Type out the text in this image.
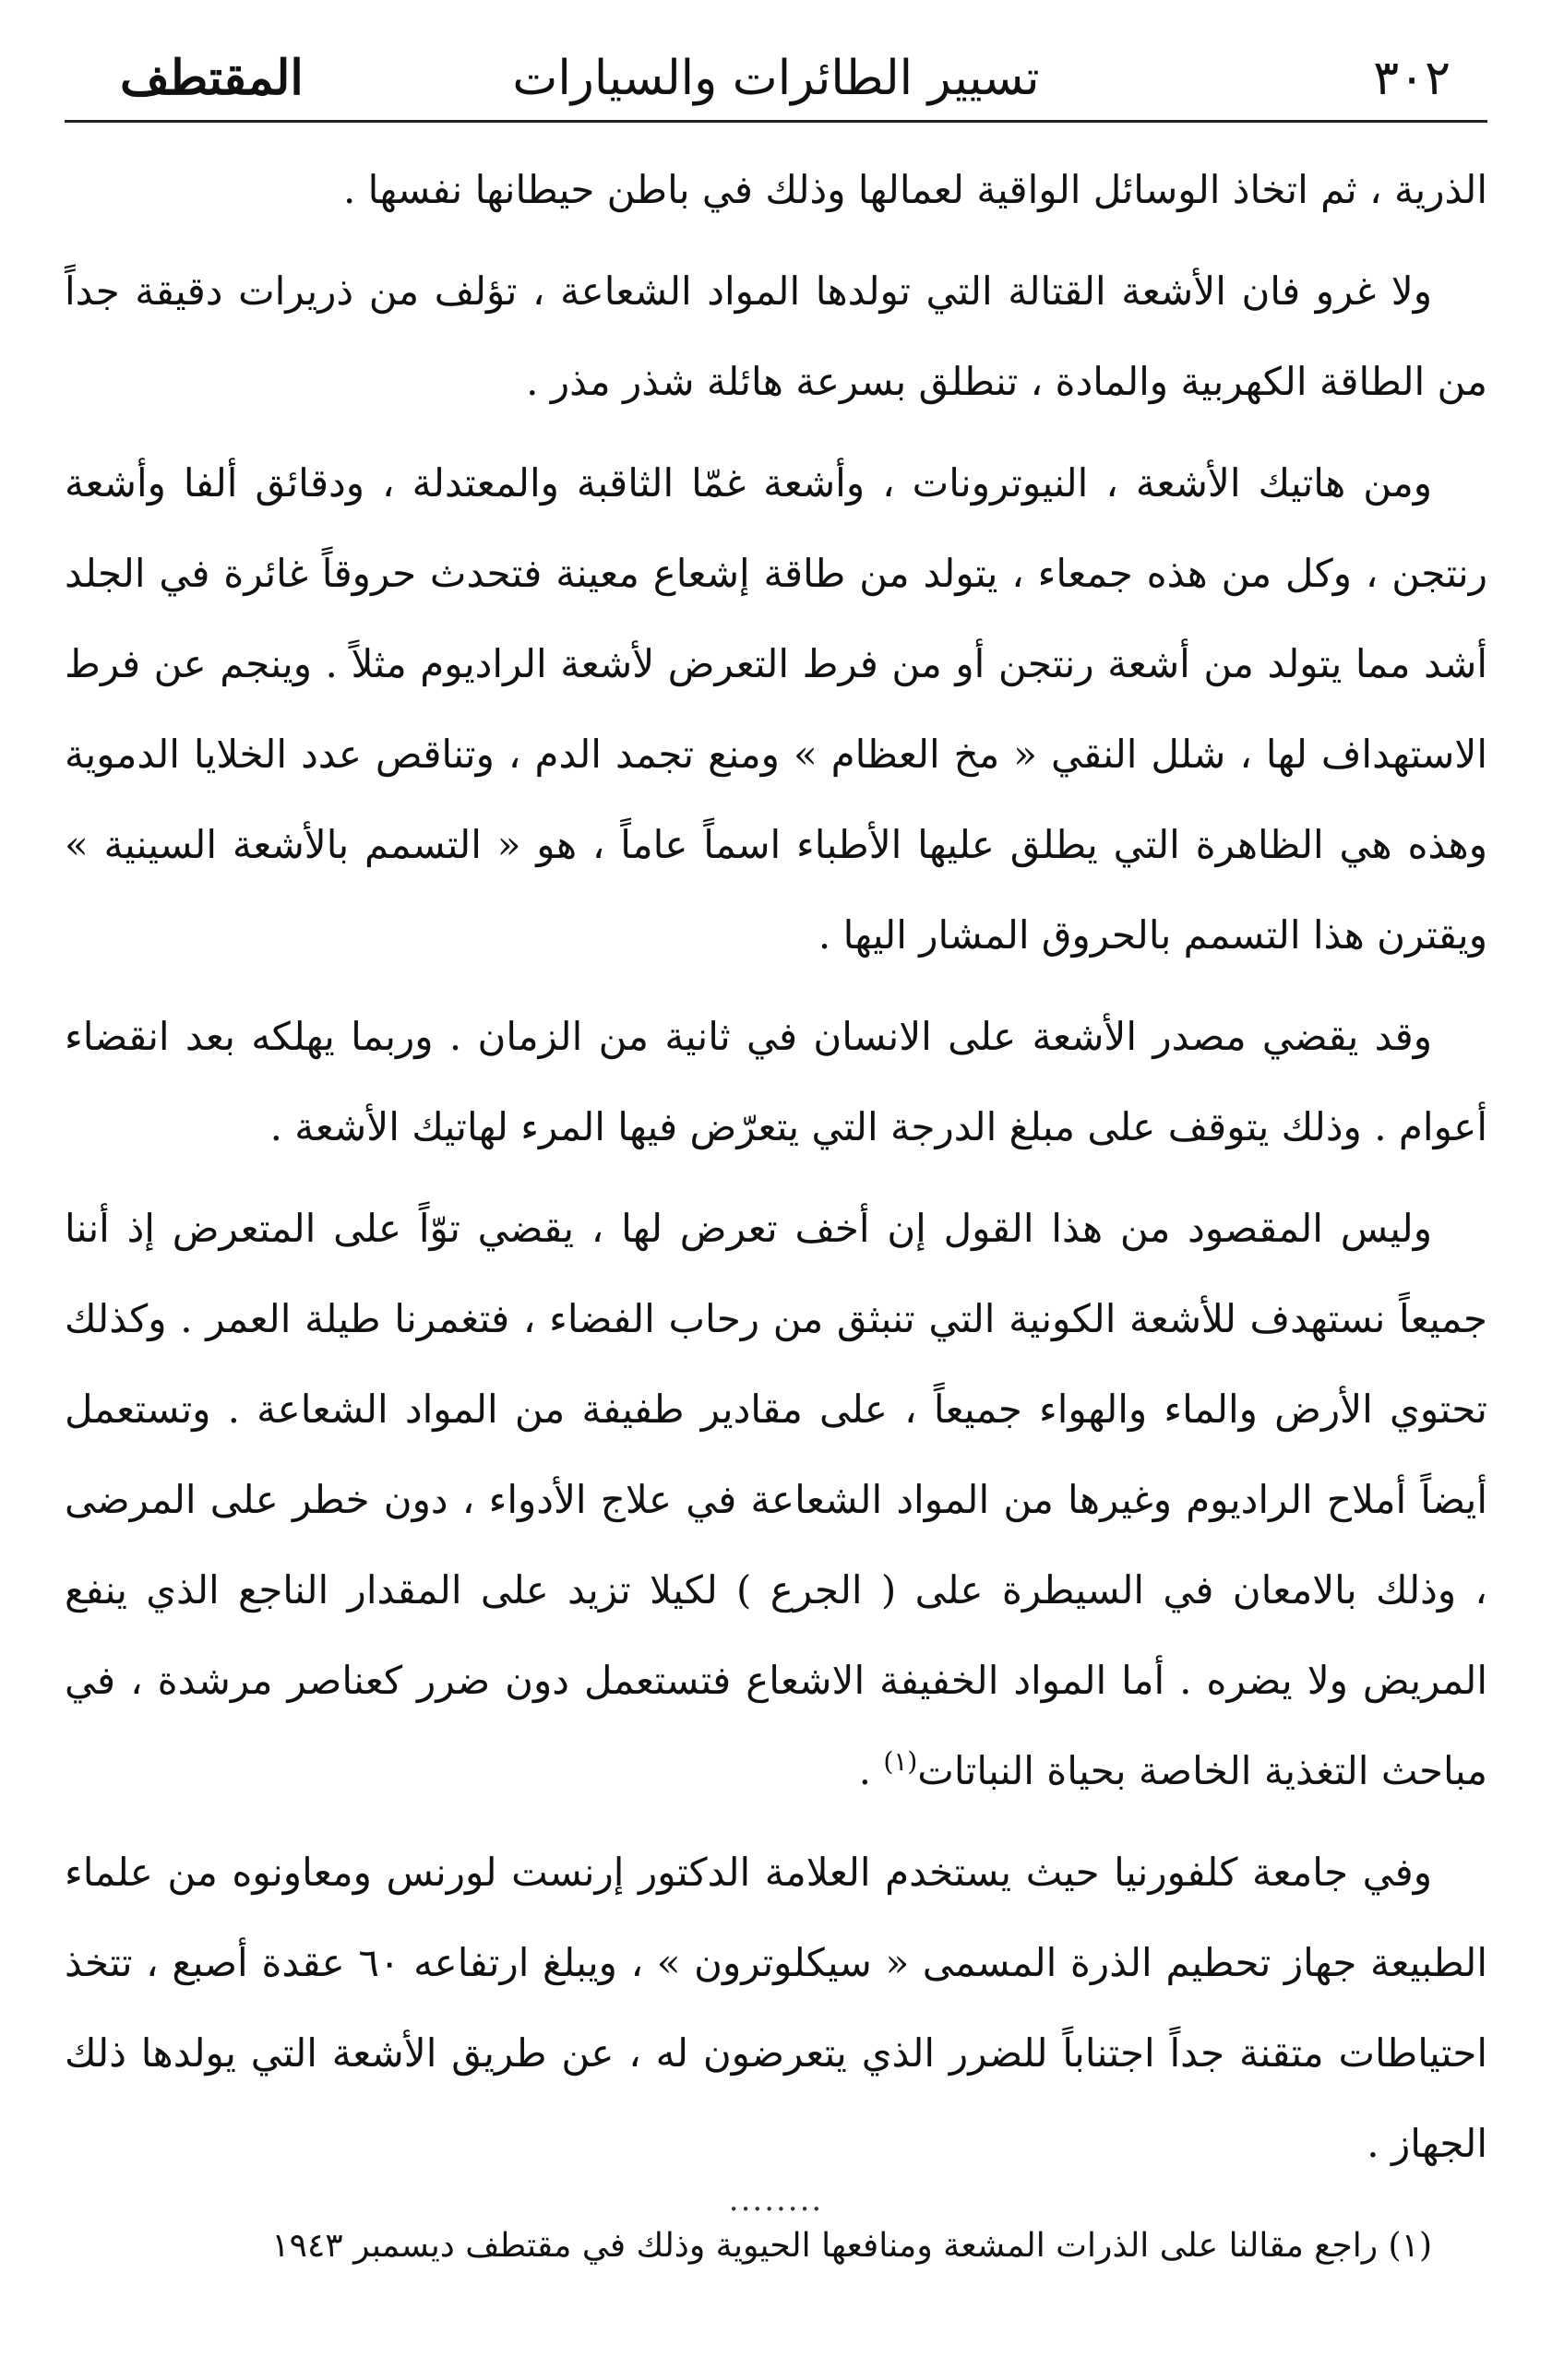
٣٠٢
تسيير الطائرات والسيارات
المقتطف

الذرية ، ثم اتخاذ الوسائل الواقية لعمالها وذلك في باطن حيطانها نفسها .

ولا غرو فان الأشعة القتالة التي تولدها المواد الشعاعة ، تؤلف من ذريرات دقيقة جداً من الطاقة الكهربية والمادة ، تنطلق بسرعة هائلة شذر مذر .

ومن هاتيك الأشعة ، النيوترونات ، وأشعة غمّا الثاقبة والمعتدلة ، ودقائق ألفا وأشعة رنتجن ، وكل من هذه جمعاء ، يتولد من طاقة إشعاع معينة فتحدث حروقاً غائرة في الجلد أشد مما يتولد من أشعة رنتجن أو من فرط التعرض لأشعة الراديوم مثلاً . وينجم عن فرط الاستهداف لها ، شلل النقي « مخ العظام » ومنع تجمد الدم ، وتناقص عدد الخلايا الدموية وهذه هي الظاهرة التي يطلق عليها الأطباء اسماً عاماً ، هو « التسمم بالأشعة السينية » ويقترن هذا التسمم بالحروق المشار اليها .

وقد يقضي مصدر الأشعة على الانسان في ثانية من الزمان . وربما يهلكه بعد انقضاء أعوام . وذلك يتوقف على مبلغ الدرجة التي يتعرّض فيها المرء لهاتيك الأشعة .

وليس المقصود من هذا القول إن أخف تعرض لها ، يقضي توّاً على المتعرض إذ أننا جميعاً نستهدف للأشعة الكونية التي تنبثق من رحاب الفضاء ، فتغمرنا طيلة العمر . وكذلك تحتوي الأرض والماء والهواء جميعاً ، على مقادير طفيفة من المواد الشعاعة . وتستعمل أيضاً أملاح الراديوم وغيرها من المواد الشعاعة في علاج الأدواء ، دون خطر على المرضى ، وذلك بالامعان في السيطرة على ( الجرع ) لكيلا تزيد على المقدار الناجع الذي ينفع المريض ولا يضره . أما المواد الخفيفة الاشعاع فتستعمل دون ضرر كعناصر مرشدة ، في مباحث التغذية الخاصة بحياة النباتات$^{(١)}$ .

وفي جامعة كلفورنيا حيث يستخدم العلامة الدكتور إرنست لورنس ومعاونوه من علماء الطبيعة جهاز تحطيم الذرة المسمى « سيكلوترون » ، ويبلغ ارتفاعه ٦٠ عقدة أصبع ، تتخذ احتياطات متقنة جداً اجتناباً للضرر الذي يتعرضون له ، عن طريق الأشعة التي يولدها ذلك الجهاز .

........
(١) راجع مقالنا على الذرات المشعة ومنافعها الحيوية وذلك في مقتطف ديسمبر ١٩٤٣
